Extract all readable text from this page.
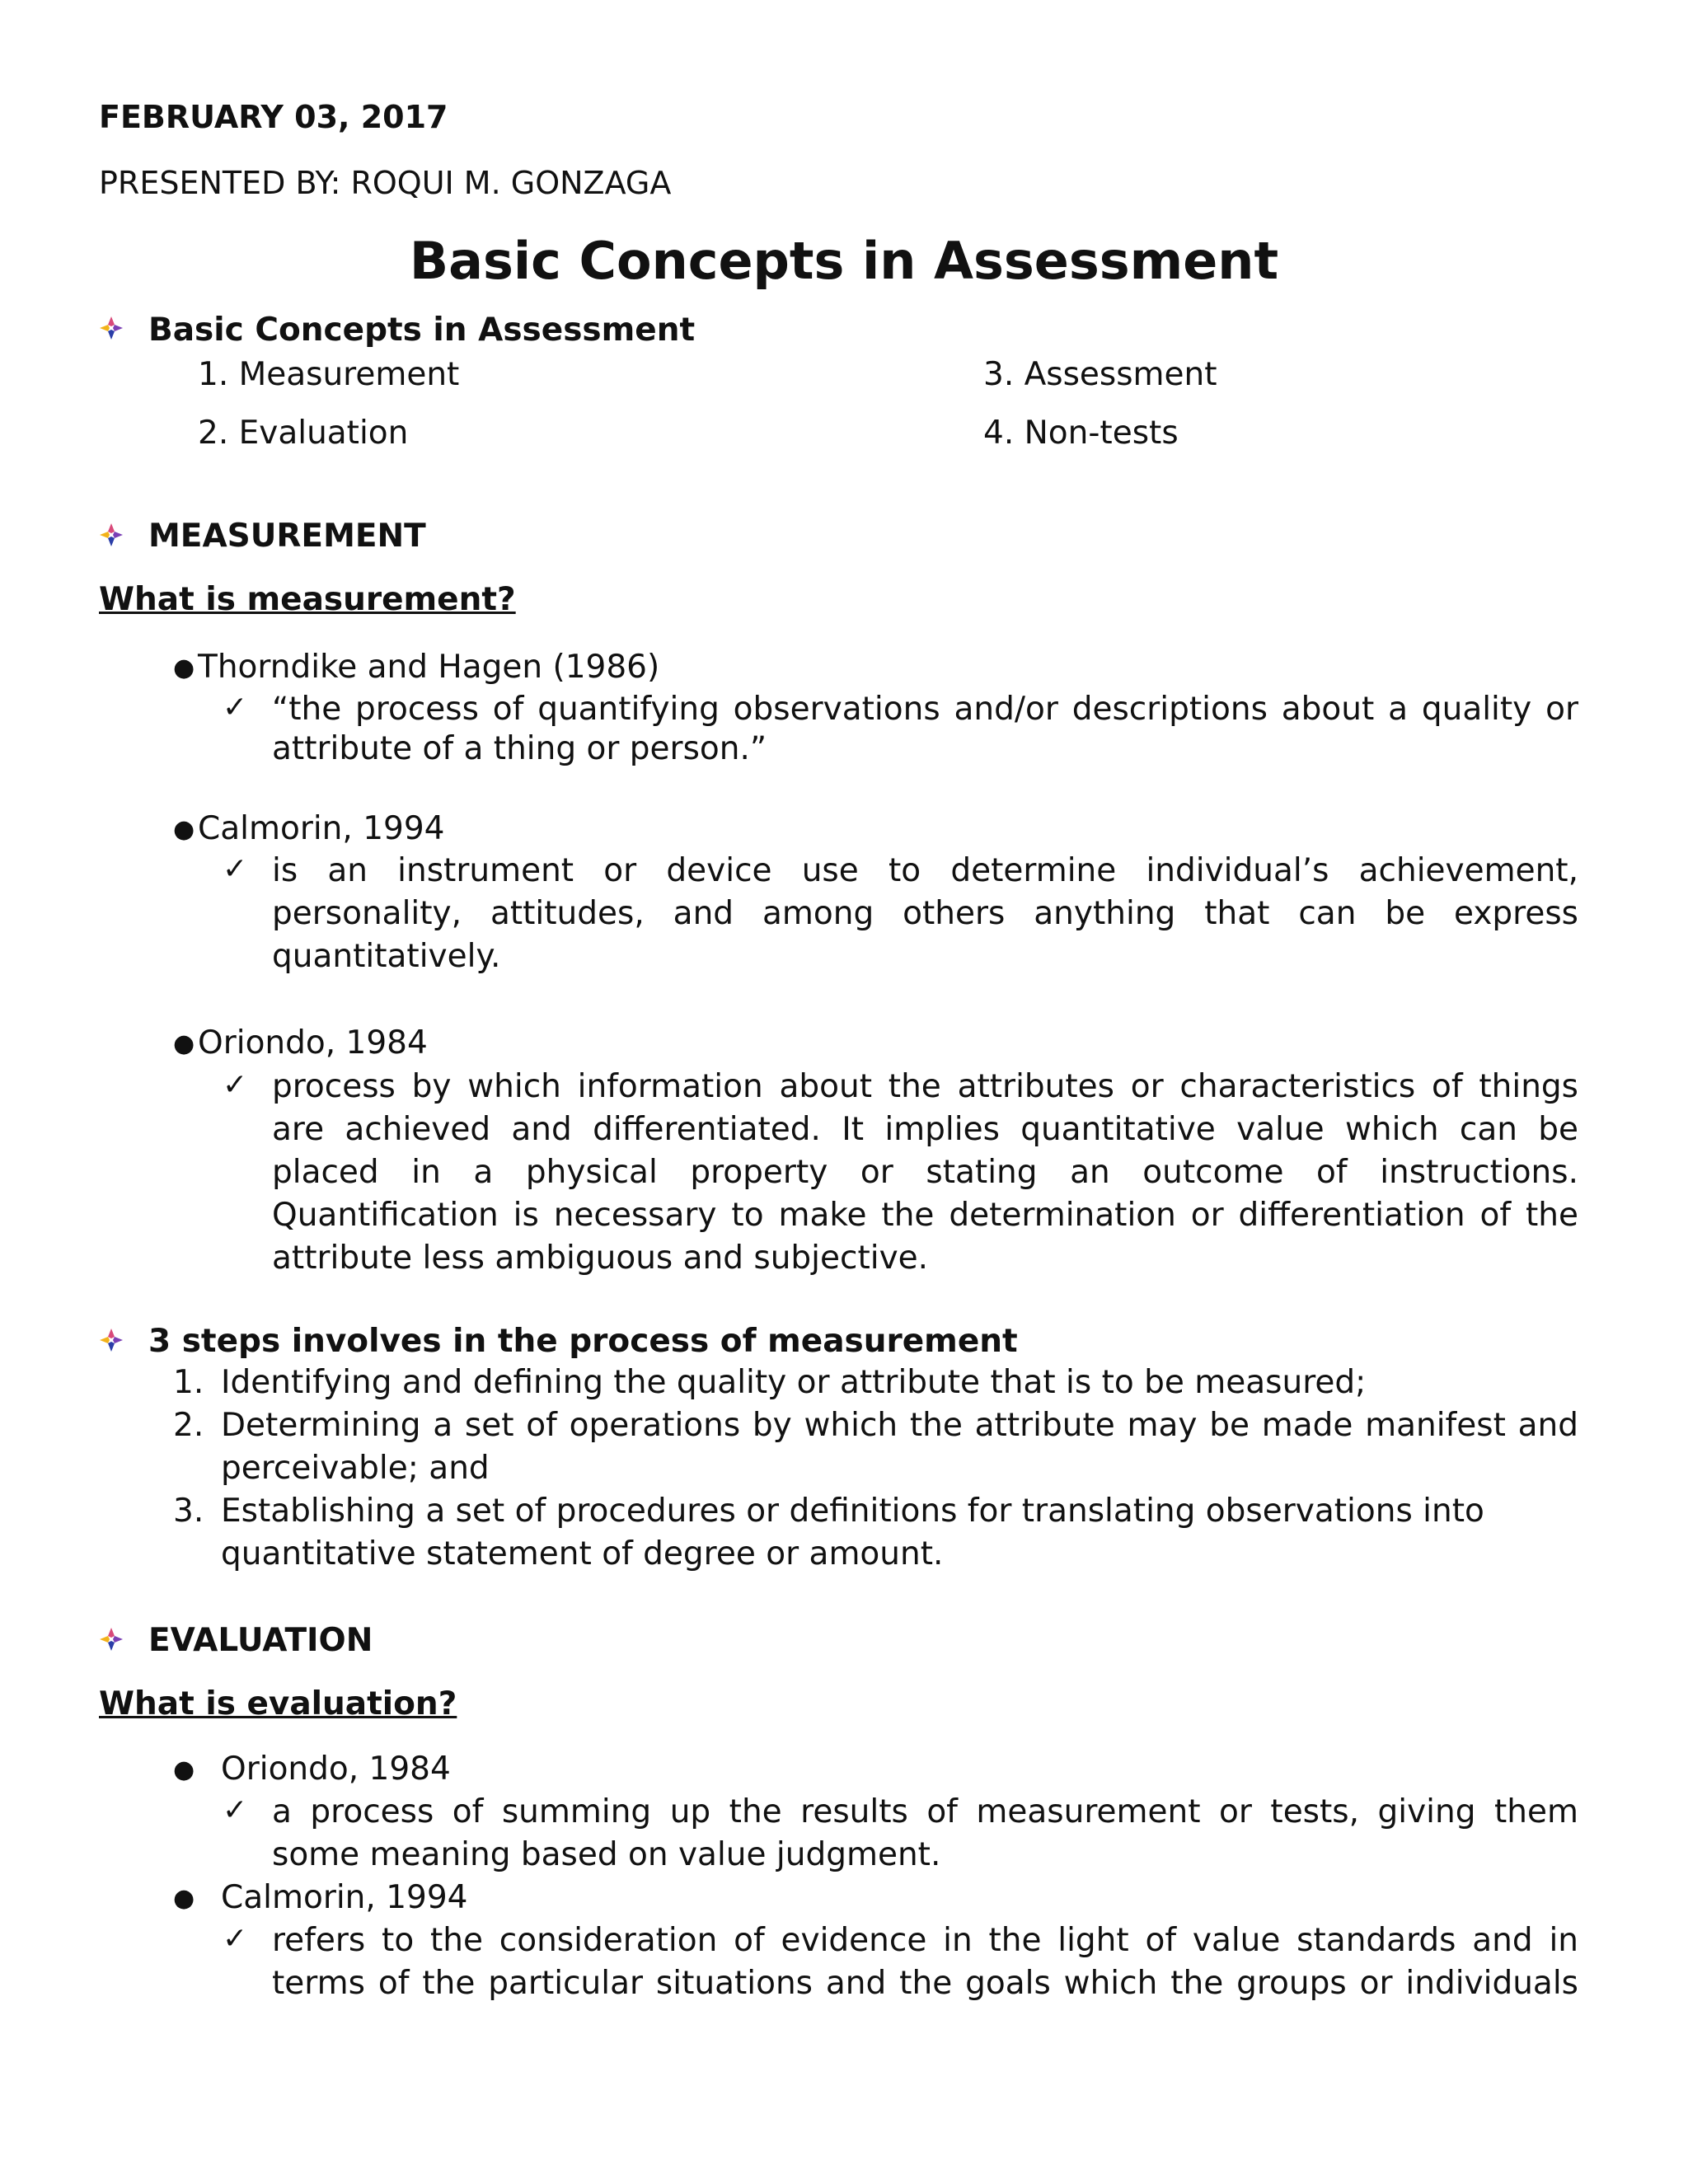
FEBRUARY 03, 2017
PRESENTED BY: ROQUI M. GONZAGA
Basic Concepts in Assessment
Basic Concepts in Assessment
1. Measurement
2. Evaluation
3. Assessment
4. Non-tests
MEASUREMENT
What is measurement?
● Thorndike and Hagen (1986)
✓ “the process of quantifying observations and/or descriptions about a quality or
attribute of a thing or person.”
● Calmorin, 1994
✓ is an instrument or device use to determine individual’s achievement,
personality, attitudes, and among others anything that can be express
quantitatively.
● Oriondo, 1984
✓ process by which information about the attributes or characteristics of things
are achieved and differentiated. It implies quantitative value which can be
placed in a physical property or stating an outcome of instructions.
Quantification is necessary to make the determination or differentiation of the
attribute less ambiguous and subjective.
3 steps involves in the process of measurement
1. Identifying and defining the quality or attribute that is to be measured;
2. Determining a set of operations by which the attribute may be made manifest and
perceivable; and
3. Establishing a set of procedures or definitions for translating observations into
quantitative statement of degree or amount.
EVALUATION
What is evaluation?
● Oriondo, 1984
✓ a process of summing up the results of measurement or tests, giving them
some meaning based on value judgment.
● Calmorin, 1994
✓ refers to the consideration of evidence in the light of value standards and in
terms of the particular situations and the goals which the groups or individuals
